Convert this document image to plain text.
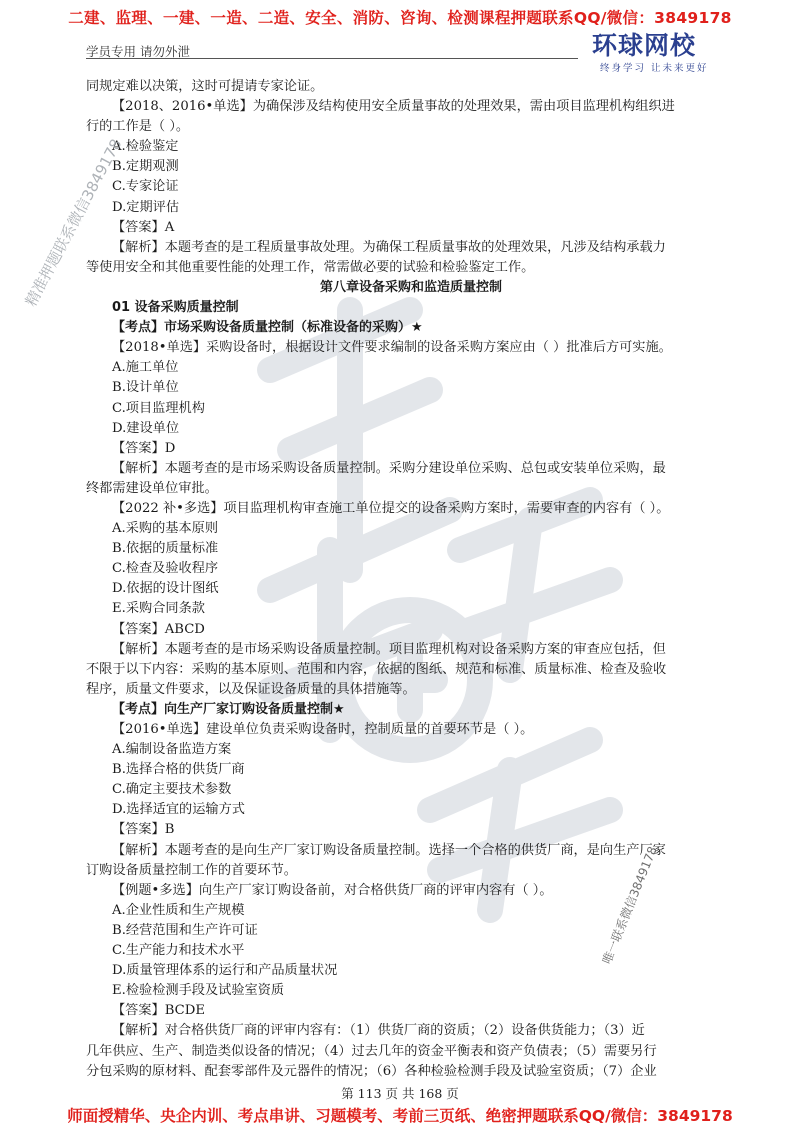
二建、监理、一建、一造、二造、安全、消防、咨询、检测课程押题联系QQ/微信：3849178
学员专用 请勿外泄	环球网校
终身学习 让未来更好
同规定难以决策，这时可提请专家论证。
【2018、2016•单选】为确保涉及结构使用安全质量事故的处理效果，需由项目监理机构组织进
行的工作是（ ）。
A.检验鉴定
B.定期观测
C.专家论证
D.定期评估
【答案】A
【解析】本题考查的是工程质量事故处理。为确保工程质量事故的处理效果，凡涉及结构承载力
等使用安全和其他重要性能的处理工作，常需做必要的试验和检验鉴定工作。
第八章设备采购和监造质量控制
01 设备采购质量控制
【考点】市场采购设备质量控制（标准设备的采购）★
【2018•单选】采购设备时，根据设计文件要求编制的设备采购方案应由（ ）批准后方可实施。
A.施工单位
B.设计单位
C.项目监理机构
D.建设单位
【答案】D
【解析】本题考查的是市场采购设备质量控制。采购分建设单位采购、总包或安装单位采购，最
终都需建设单位审批。
【2022 补•多选】项目监理机构审查施工单位提交的设备采购方案时，需要审查的内容有（ ）。
A.采购的基本原则
B.依据的质量标准
C.检查及验收程序
D.依据的设计图纸
E.采购合同条款
【答案】ABCD
【解析】本题考查的是市场采购设备质量控制。项目监理机构对设备采购方案的审查应包括，但
不限于以下内容：采购的基本原则、范围和内容，依据的图纸、规范和标准、质量标准、检查及验收
程序，质量文件要求，以及保证设备质量的具体措施等。
【考点】向生产厂家订购设备质量控制★
【2016•单选】建设单位负责采购设备时，控制质量的首要环节是（ ）。
A.编制设备监造方案
B.选择合格的供货厂商
C.确定主要技术参数
D.选择适宜的运输方式
【答案】B
【解析】本题考查的是向生产厂家订购设备质量控制。选择一个合格的供货厂商，是向生产厂家
订购设备质量控制工作的首要环节。
【例题•多选】向生产厂家订购设备前，对合格供货厂商的评审内容有（ ）。
A.企业性质和生产规模
B.经营范围和生产许可证
C.生产能力和技术水平
D.质量管理体系的运行和产品质量状况
E.检验检测手段及试验室资质
【答案】BCDE
【解析】对合格供货厂商的评审内容有：（1）供货厂商的资质；（2）设备供货能力；（3）近
几年供应、生产、制造类似设备的情况；（4）过去几年的资金平衡表和资产负债表；（5）需要另行
分包采购的原材料、配套零部件及元器件的情况；（6）各种检验检测手段及试验室资质；（7）企业
精准押题联系微信3849178
唯一联系微信3849178
第 113 页 共 168 页
师面授精华、央企内训、考点串讲、习题模考、考前三页纸、绝密押题联系QQ/微信：3849178
